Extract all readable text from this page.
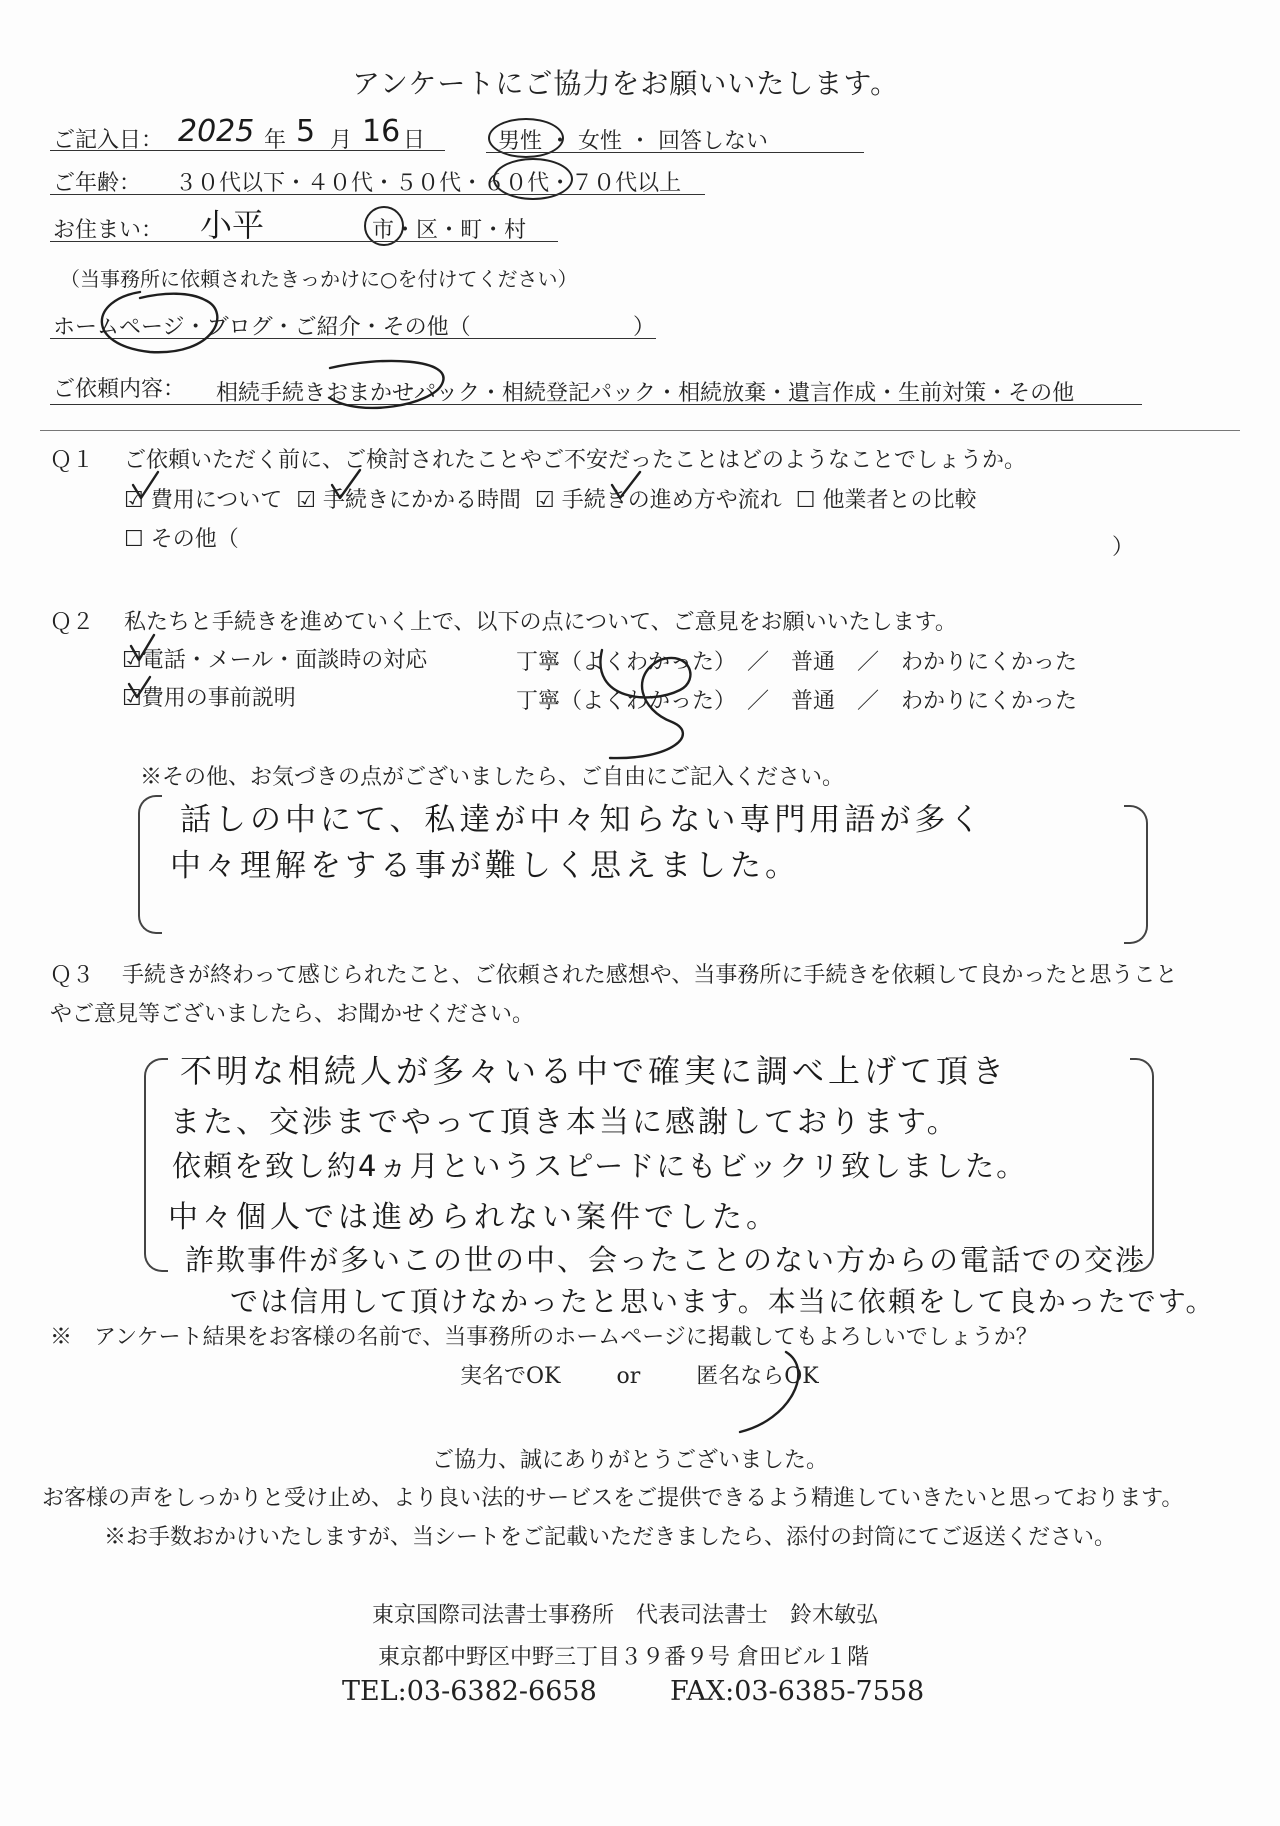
アンケートにご協力をお願いいたします。
ご記入日： 2025 年 5 月 16 日	男性 ・ 女性 ・ 回答しない
ご年齢： ３０代以下・４０代・５０代・６０代・７０代以上
お住まい： 小平	市・区・町・村
（当事務所に依頼されたきっかけに○を付けてください）
ホームページ・ブログ・ご紹介・その他（	）
ご依頼内容： 相続手続きおまかせパック・相続登記パック・相続放棄・遺言作成・生前対策・その他
Ｑ１ ご依頼いただく前に、ご検討されたことやご不安だったことはどのようなことでしょうか。
☑ 費用について ☑ 手続きにかかる時間 ☑ 手続きの進め方や流れ ☐ 他業者との比較
☐ その他（	）
Ｑ２ 私たちと手続きを進めていく上で、以下の点について、ご意見をお願いいたします。
☑電話・メール・面談時の対応	丁寧（よくわかった）　／　普通　／　わかりにくかった
☑費用の事前説明	丁寧（よくわかった）　／　普通　／　わかりにくかった
※その他、お気づきの点がございましたら、ご自由にご記入ください。
話しの中にて、私達が中々知らない専門用語が多く
中々理解をする事が難しく思えました。
Ｑ３ 手続きが終わって感じられたこと、ご依頼された感想や、当事務所に手続きを依頼して良かったと思うこと
やご意見等ございましたら、お聞かせください。
不明な相続人が多々いる中で確実に調べ上げて頂き
また、交渉までやって頂き本当に感謝しております。
依頼を致し約4ヵ月というスピードにもビックリ致しました。
中々個人では進められない案件でした。
詐欺事件が多いこの世の中、会ったことのない方からの電話での交渉
では信用して頂けなかったと思います。本当に依頼をして良かったです。
※　アンケート結果をお客様の名前で、当事務所のホームページに掲載してもよろしいでしょうか？
実名でOK	or	匿名ならOK
ご協力、誠にありがとうございました。
お客様の声をしっかりと受け止め、より良い法的サービスをご提供できるよう精進していきたいと思っております。
※お手数おかけいたしますが、当シートをご記載いただきましたら、添付の封筒にてご返送ください。
東京国際司法書士事務所　代表司法書士　鈴木敏弘
東京都中野区中野三丁目３９番９号 倉田ビル１階
TEL:03-6382-6658	FAX:03-6385-7558
